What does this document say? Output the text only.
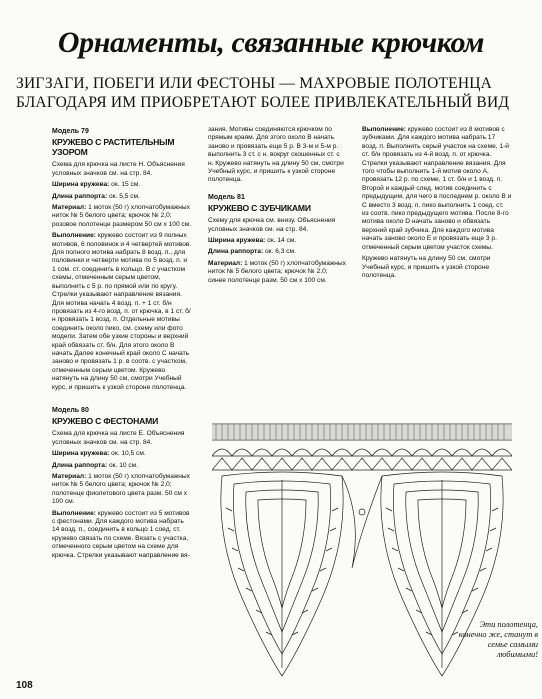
Орнаменты, связанные крючком
ЗИГЗАГИ, ПОБЕГИ ИЛИ ФЕСТОНЫ — МАХРОВЫЕ ПОЛОТЕНЦА
БЛАГОДАРЯ ИМ ПРИОБРЕТАЮТ БОЛЕЕ ПРИВЛЕКАТЕЛЬНЫЙ ВИД
Модель 79
КРУЖЕВО С РАСТИТЕЛЬНЫМ УЗОРОМ

Схема для крючка на листе Н. Объяснения условных значков см. на стр. 84.

Ширина кружева: ок. 15 см.

Длина раппорта: ок. 5,5 см.

Материал: 1 моток (50 г) хлопчатобумажных ниток № 5 белого цвета; крючок № 2,0; розовое полотенце размером 50 см х 100 см.

Выполнение: кружево состоит из 9 полных мотивов, 6 половинок и 4 четвертей мотивов. Для полного мотива набрать 8 возд. п., для половинки и четверти мотива по 5 возд. п. и 1 сом. ст. соединить в кольцо. В с участком схемы, отмеченным серым цветом, выполнить с 5 р. по прямой или по кругу. Стрелки указывают направление вязания. Для мотива начать 4 возд. п. + 1 ст. б/н провязать из 4-го возд. п. от крючка, в 1 ст. б/н провязать 1 возд. п. Отдельные мотивы соединить около пико, см. схему или фото модели. Затем обе узкие стороны и верхний край обвязать ст. б/н. Для этого около В начать Далее конечный край около С начать заново и провязать 1 р. в соотв. с участком, отмеченным серым цветом. Кружево натянуть на длину 50 см, смотри Учебный курс, и пришить к узкой стороне полотенца.

Модель 80
КРУЖЕВО С ФЕСТОНАМИ

Схема для крючка на листе Е. Объяснения условных значков см. на стр. 84.

Ширина кружева: ок. 10,5 см.

Длина раппорта: ок. 10 см.

Материал: 1 моток (50 г) хлопчатобумажных ниток № 5 белого цвета; крючок № 2,0; полотенце фиолетового цвета разм. 50 см х 100 см.

Выполнение: кружево состоит из 5 мотивов с фестонами. Для каждого мотива набрать 14 возд. п., соединить в кольцо 1 соед. ст. кружево связать по схеме. Вязать с участка, отмеченного серым цветом на схеме для крючка. Стрелки указывают направление вя-

зания. Мотивы соединяются крючком по прямым краям. Для этого около В начать заново и провязать еще 5 р. В 3-м и 5-м р. выполнить 3 ст. с н. вокруг скошенных ст. с н. Кружево натянуть на длину 50 см, смотри Учебный курс, и пришить к узкой стороне полотенца.

Модель 81
КРУЖЕВО С ЗУБЧИКАМИ

Схему для крючка см. внизу. Объяснения условных значков см. на стр. 84.

Ширина кружева: ок. 14 см.

Длина раппорта: ок. 6,3 см.

Материал: 1 моток (50 г) хлопчатобумажных ниток № 5 белого цвета; крючок № 2,0; синее полотенце разм. 50 см х 100 см.

Выполнение: кружево состоит из 8 мотивов с зубчиками. Для каждого мотива набрать 17 возд. п. Выполнить серый участок на схеме, 1-й ст. б/н провязать из 4-й возд. п. от крючка. Стрелки указывают направление вязания. Для того чтобы выполнить 1-й мотив около А, провязать 12 р. по схеме, 1 ст. б/н и 1 возд. п. Второй и каждый след. мотив соединить с предыдущим, для чего в последнем р. около В и С вместо 3 возд. п. пико выполнить 1 соед. ст. из соотв. пико предыдущего мотива. После 8-го мотива около D начать заново и обвязать верхний край зубчика. Для каждого мотива начать заново около Е и провязать еще 3 р. отмеченный серым цветом участок схемы.

Кружево натянуть на длину 50 см, смотри Учебный курс, и пришить к узкой стороне полотенца.

Эти полотенца, конечно же, станут в семье самыми любимыми!
108
